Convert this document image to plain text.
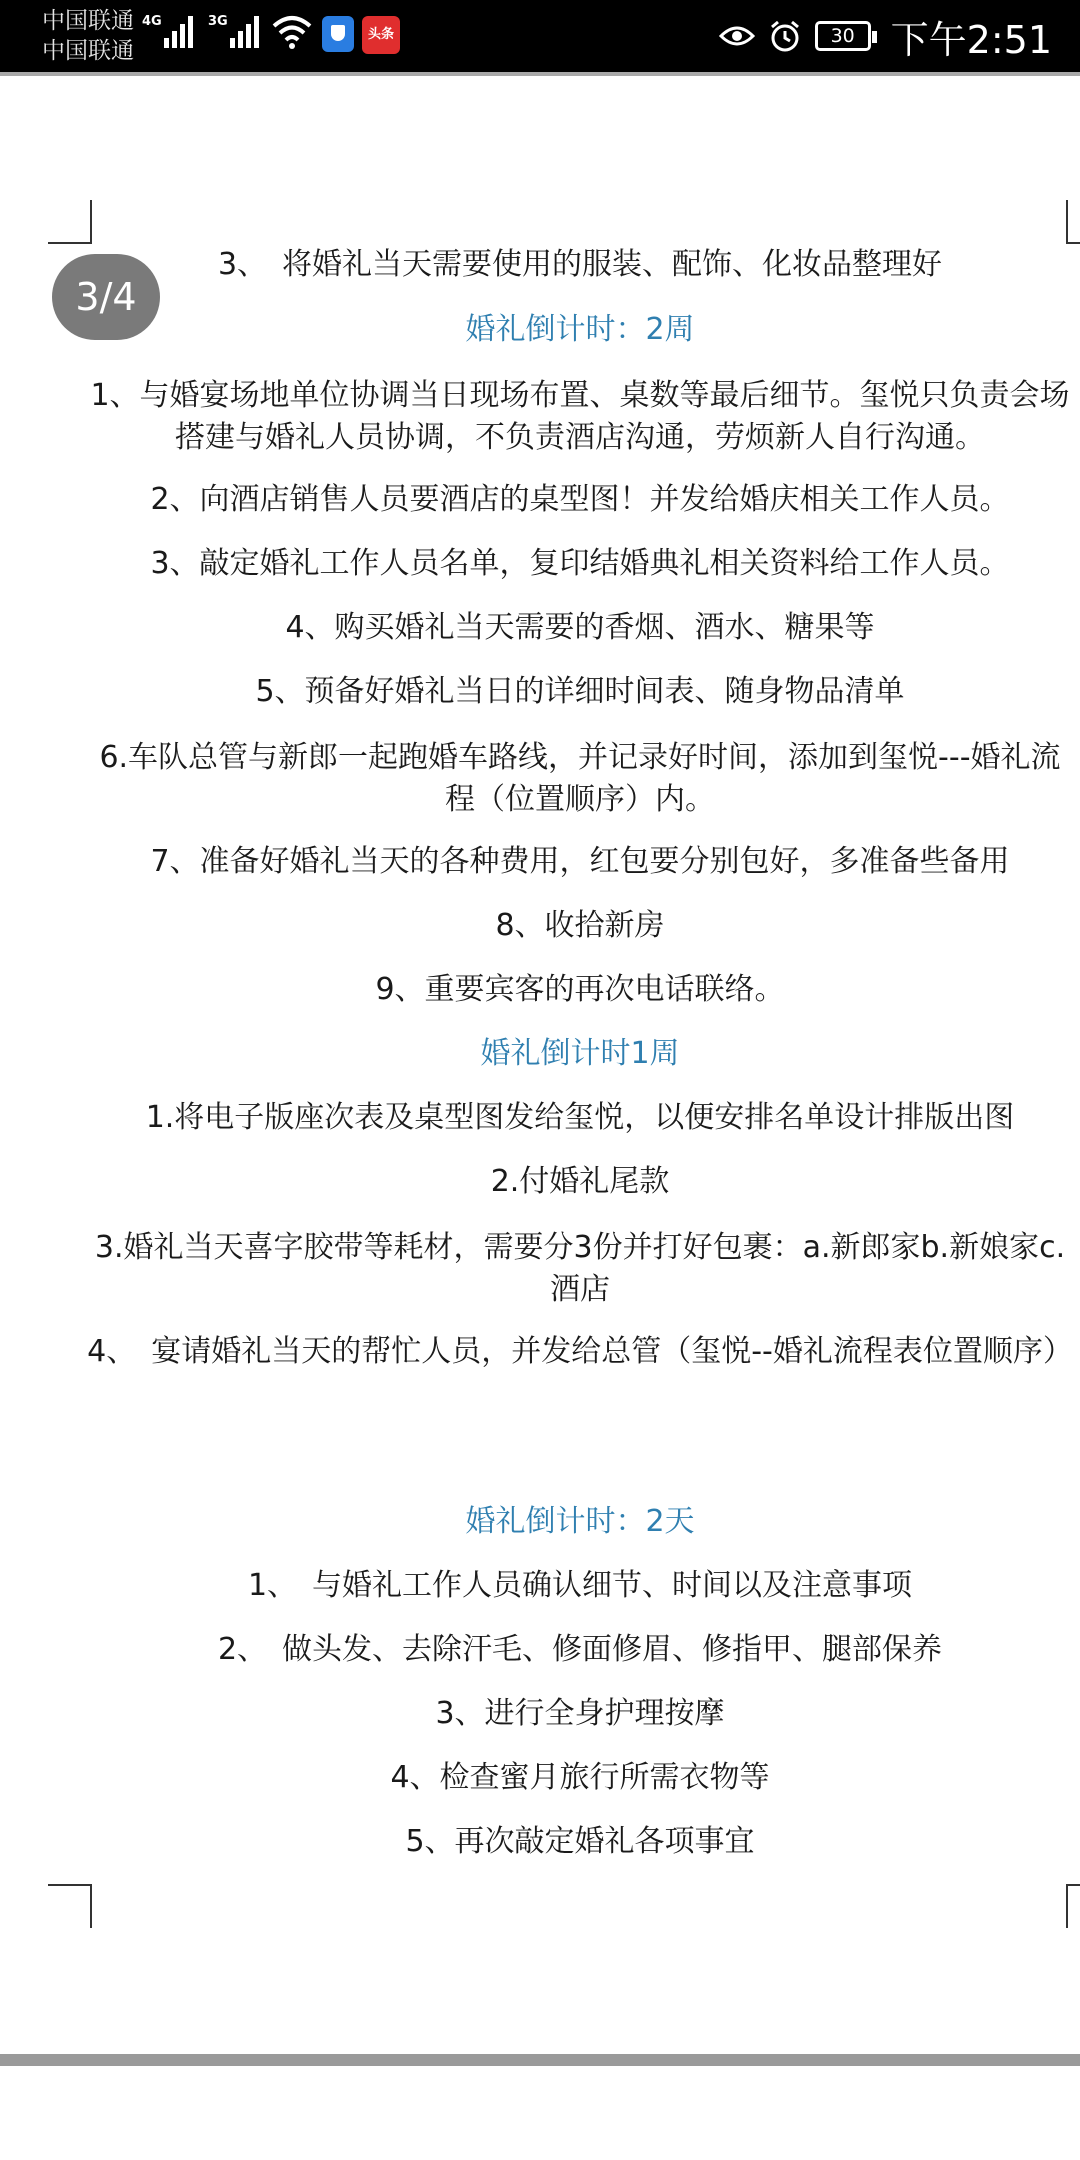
中国联通
中国联通
4G	3G
头条	30 下午2:51
3/4
3、　将婚礼当天需要使用的服装、配饰、化妆品整理好
婚礼倒计时：2周
1、与婚宴场地单位协调当日现场布置、桌数等最后细节。玺悦只负责会场搭建与婚礼人员协调，不负责酒店沟通，劳烦新人自行沟通。
2、向酒店销售人员要酒店的桌型图！并发给婚庆相关工作人员。
3、敲定婚礼工作人员名单，复印结婚典礼相关资料给工作人员。
4、购买婚礼当天需要的香烟、酒水、糖果等
5、预备好婚礼当日的详细时间表、随身物品清单
6.车队总管与新郎一起跑婚车路线，并记录好时间，添加到玺悦---婚礼流程（位置顺序）内。
7、准备好婚礼当天的各种费用，红包要分别包好，多准备些备用
8、收拾新房
9、重要宾客的再次电话联络。
婚礼倒计时1周
1.将电子版座次表及桌型图发给玺悦，以便安排名单设计排版出图
2.付婚礼尾款
3.婚礼当天喜字胶带等耗材，需要分3份并打好包裹：a.新郎家b.新娘家c.酒店
4、　宴请婚礼当天的帮忙人员，并发给总管（玺悦--婚礼流程表位置顺序）
婚礼倒计时：2天
1、　与婚礼工作人员确认细节、时间以及注意事项
2、　做头发、去除汗毛、修面修眉、修指甲、腿部保养
3、进行全身护理按摩
4、检查蜜月旅行所需衣物等
5、再次敲定婚礼各项事宜
